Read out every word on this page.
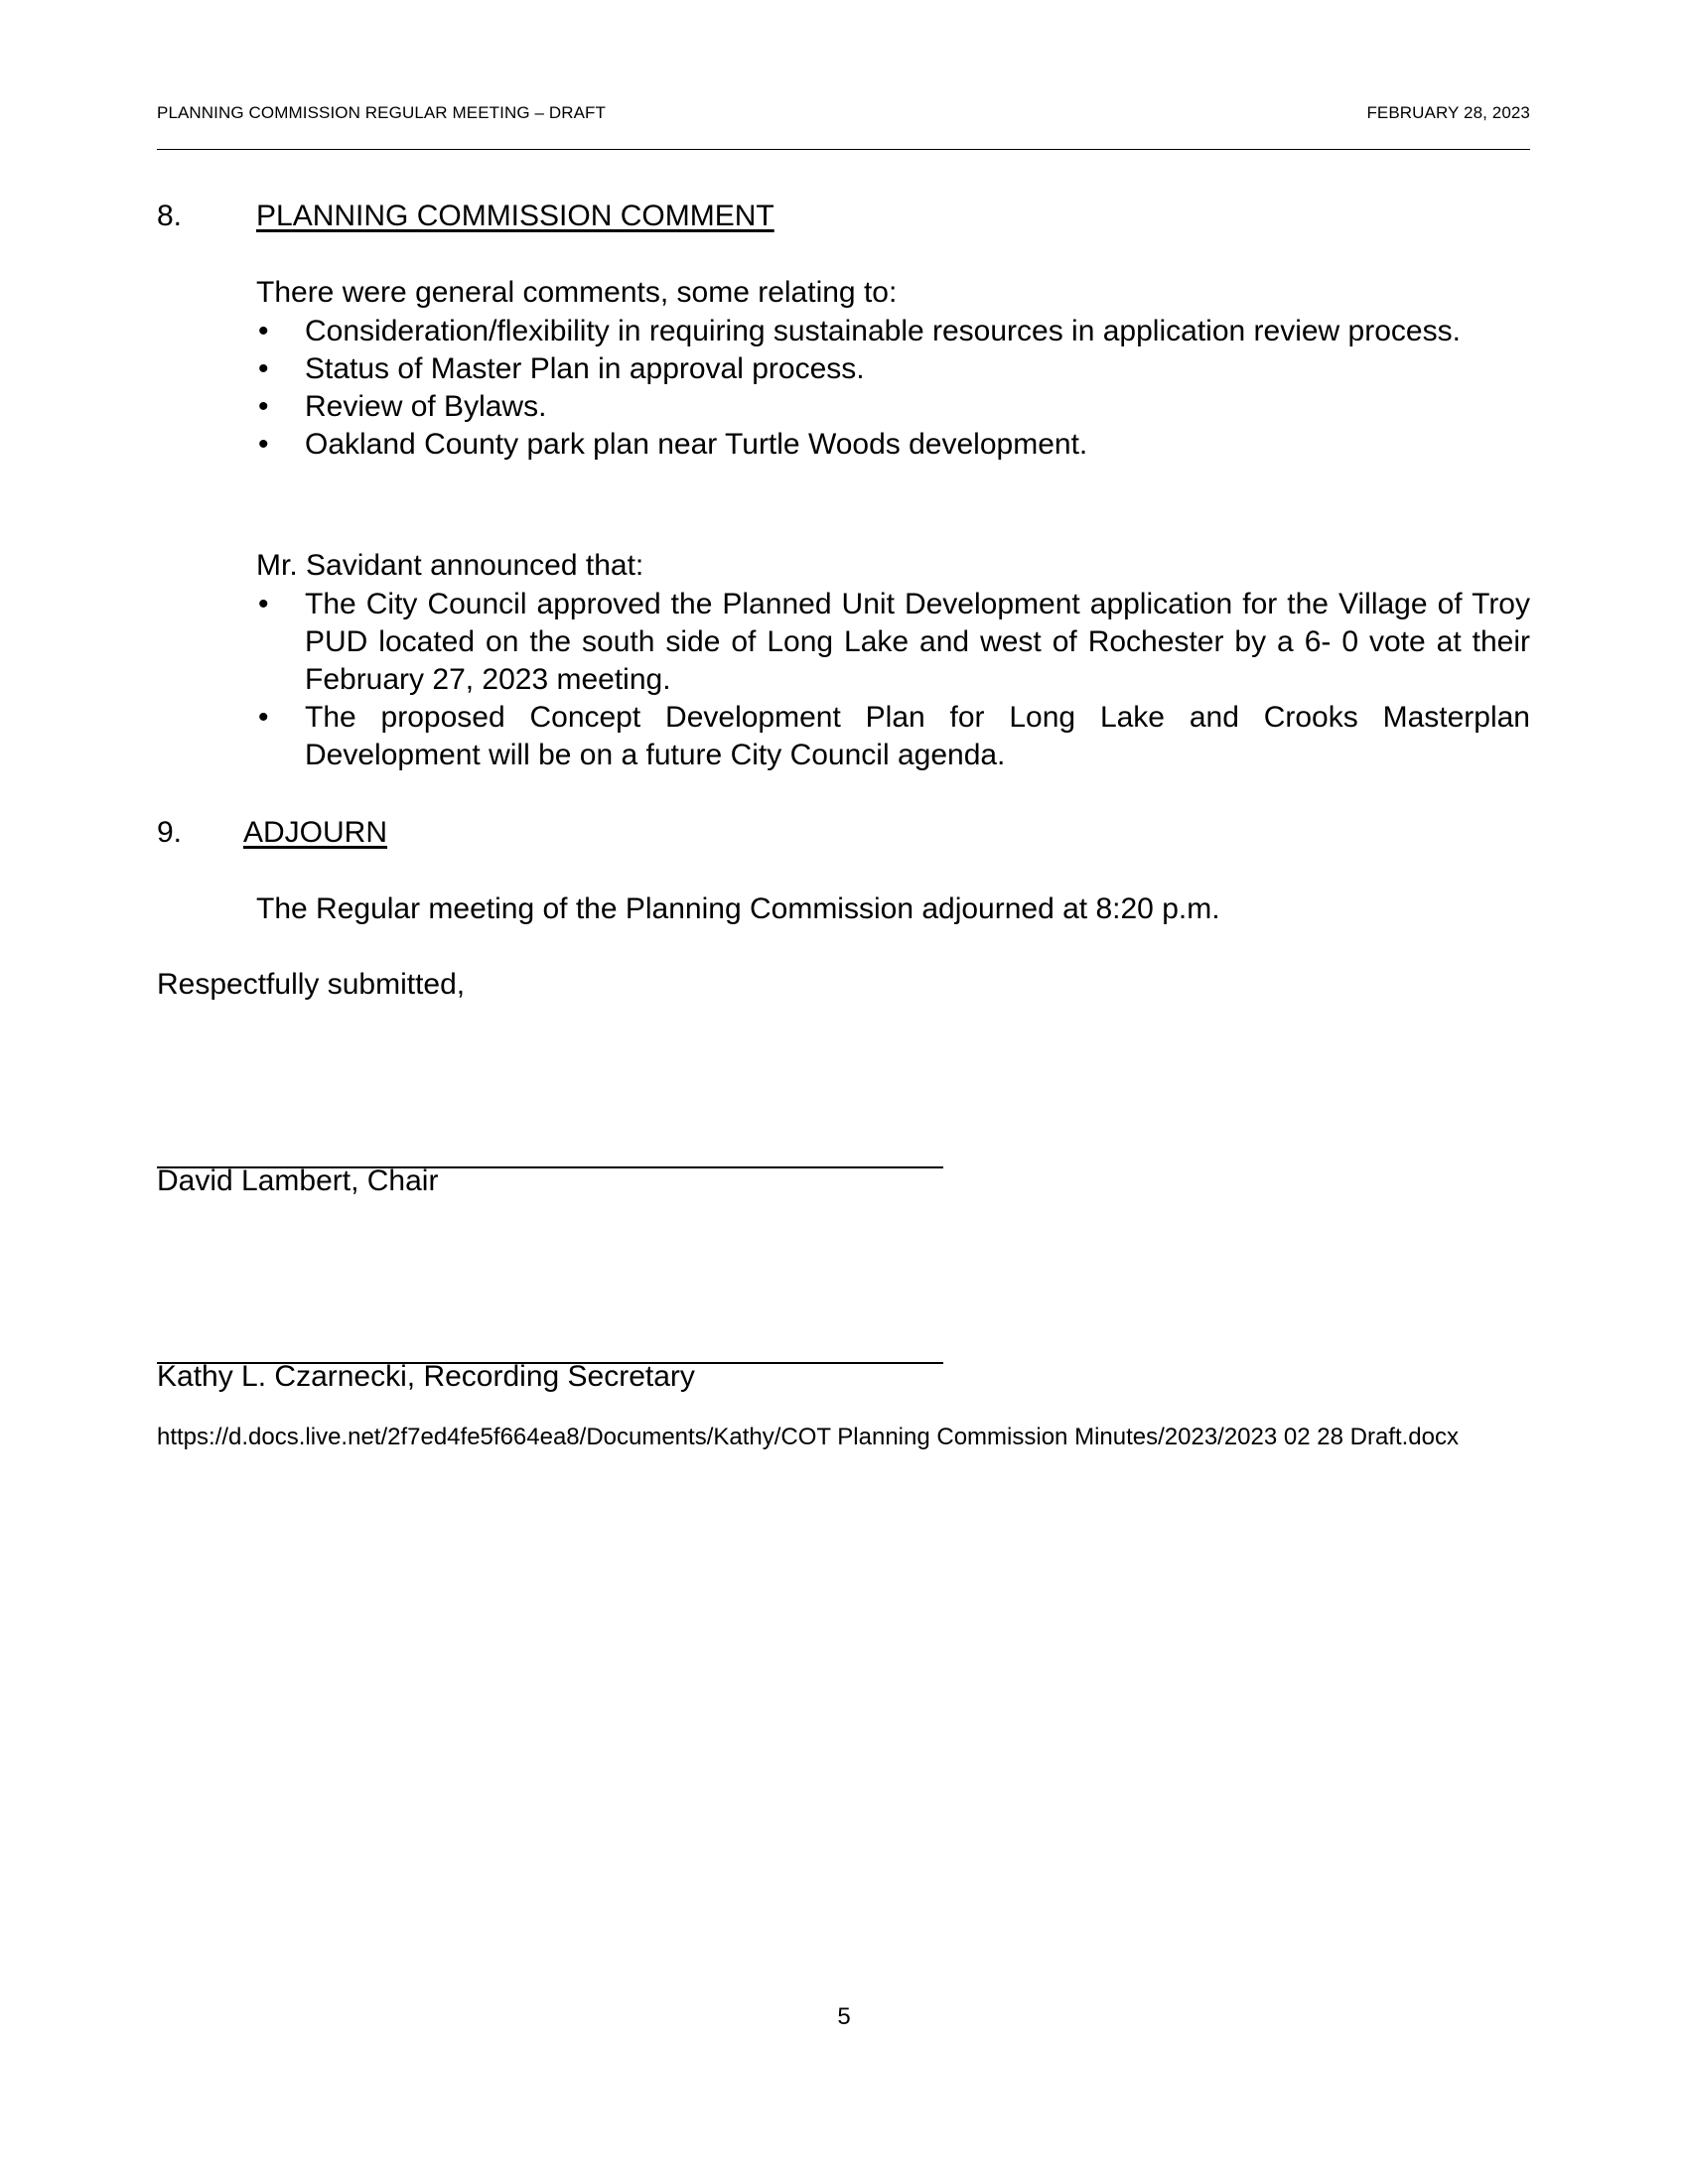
PLANNING COMMISSION REGULAR MEETING – DRAFT	FEBRUARY 28, 2023
8. PLANNING COMMISSION COMMENT
There were general comments, some relating to:
• Consideration/flexibility in requiring sustainable resources in application review process.
• Status of Master Plan in approval process.
• Review of Bylaws.
• Oakland County park plan near Turtle Woods development.
Mr. Savidant announced that:
• The City Council approved the Planned Unit Development application for the Village of Troy PUD located on the south side of Long Lake and west of Rochester by a 6- 0 vote at their February 27, 2023 meeting.
• The proposed Concept Development Plan for Long Lake and Crooks Masterplan Development will be on a future City Council agenda.
9. ADJOURN
The Regular meeting of the Planning Commission adjourned at 8:20 p.m.
Respectfully submitted,
David Lambert, Chair
Kathy L. Czarnecki, Recording Secretary
https://d.docs.live.net/2f7ed4fe5f664ea8/Documents/Kathy/COT Planning Commission Minutes/2023/2023 02 28 Draft.docx
5
